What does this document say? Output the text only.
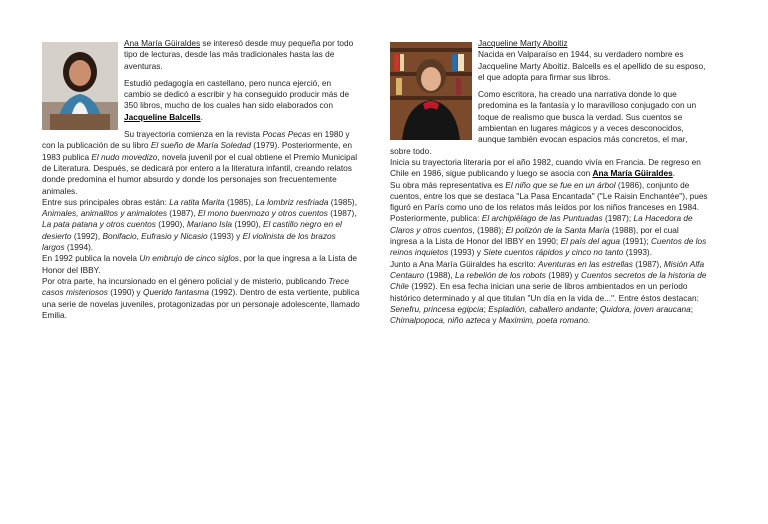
Ana María Güiraldes se interesó desde muy pequeña por todo tipo de lecturas, desde las más tradicionales hasta las de aventuras.

Estudió pedagogía en castellano, pero nunca ejerció, en cambio se dedicó a escribir y ha conseguido producir más de 350 libros, mucho de los cuales han sido elaborados con Jacqueline Balcells.

Su trayectoria comienza en la revista Pocas Pecas en 1980 y con la publicación de su libro El sueño de María Soledad (1979). Posteriormente, en 1983 publica El nudo movedizo, novela juvenil por el cual obtiene el Premio Municipal de Literatura. Después, se dedicará por entero a la literatura infantil, creando relatos donde predomina el humor absurdo y donde los personajes son frecuentemente animales.

Entre sus principales obras están: La ratita Marita (1985), La lombriz resfriada (1985), Animales, animalitos y animalotes (1987), El mono buenmozo y otros cuentos (1987), La pata patana y otros cuentos (1990), Mariano Isla (1990), El castillo negro en el desierto (1992), Bonifacio, Eufrasio y Nicasio (1993) y El violinista de los brazos largos (1994).

En 1992 publica la novela Un embrujo de cinco siglos, por la que ingresa a la Lista de Honor del IBBY.

Por otra parte, ha incursionado en el género policial y de misterio, publicando Trece casos misteriosos (1990) y Querido fantasma (1992). Dentro de esta vertiente, publica una serie de novelas juveniles, protagonizadas por un personaje adolescente, llamado Emilia.

Jacqueline Marty Aboitiz
Nacida en Valparaíso en 1944, su verdadero nombre es Jacqueline Marty Aboitiz. Balcells es el apellido de su esposo, el que adopta para firmar sus libros.

Como escritora, ha creado una narrativa donde lo que predomina es la fantasía y lo maravilloso conjugado con un toque de realismo que busca la verdad. Sus cuentos se ambientan en lugares mágicos y a veces desconocidos, aunque también evocan espacios más concretos, el mar, sobre todo.

Inicia su trayectoria literaria por el año 1982, cuando vivía en Francia. De regreso en Chile en 1986, sigue publicando y luego se asocia con Ana María Güiraldes.

Su obra más representativa es El niño que se fue en un árbol (1986), conjunto de cuentos, entre los que se destaca "La Pasa Encantada" ("Le Raisin Enchantée"), pues figuró en París como uno de los relatos más leídos por los niños franceses en 1984. Posteriormente, publica: El archipiélago de las Puntuadas (1987); La Hacedora de Claros y otros cuentos, (1988); El polizón de la Santa María (1988), por el cual ingresa a la Lista de Honor del IBBY en 1990; El país del agua (1991); Cuentos de los reinos inquietos (1993) y Siete cuentos rápidos y cinco no tanto (1993).

Junto a Ana María Güiraldes ha escrito: Aventuras en las estrellas (1987), Misión Alfa Centauro (1988), La rebelión de los robots (1989) y Cuentos secretos de la historia de Chile (1992). En esa fecha inician una serie de libros ambientados en un período histórico determinado y al que titulan "Un día en la vida de...". Entre éstos destacan: Senefru, princesa egipcia; Espladión, caballero andante; Quidora, joven araucana; Chimalpopoca, niño azteca y Maximim, poeta romano.
